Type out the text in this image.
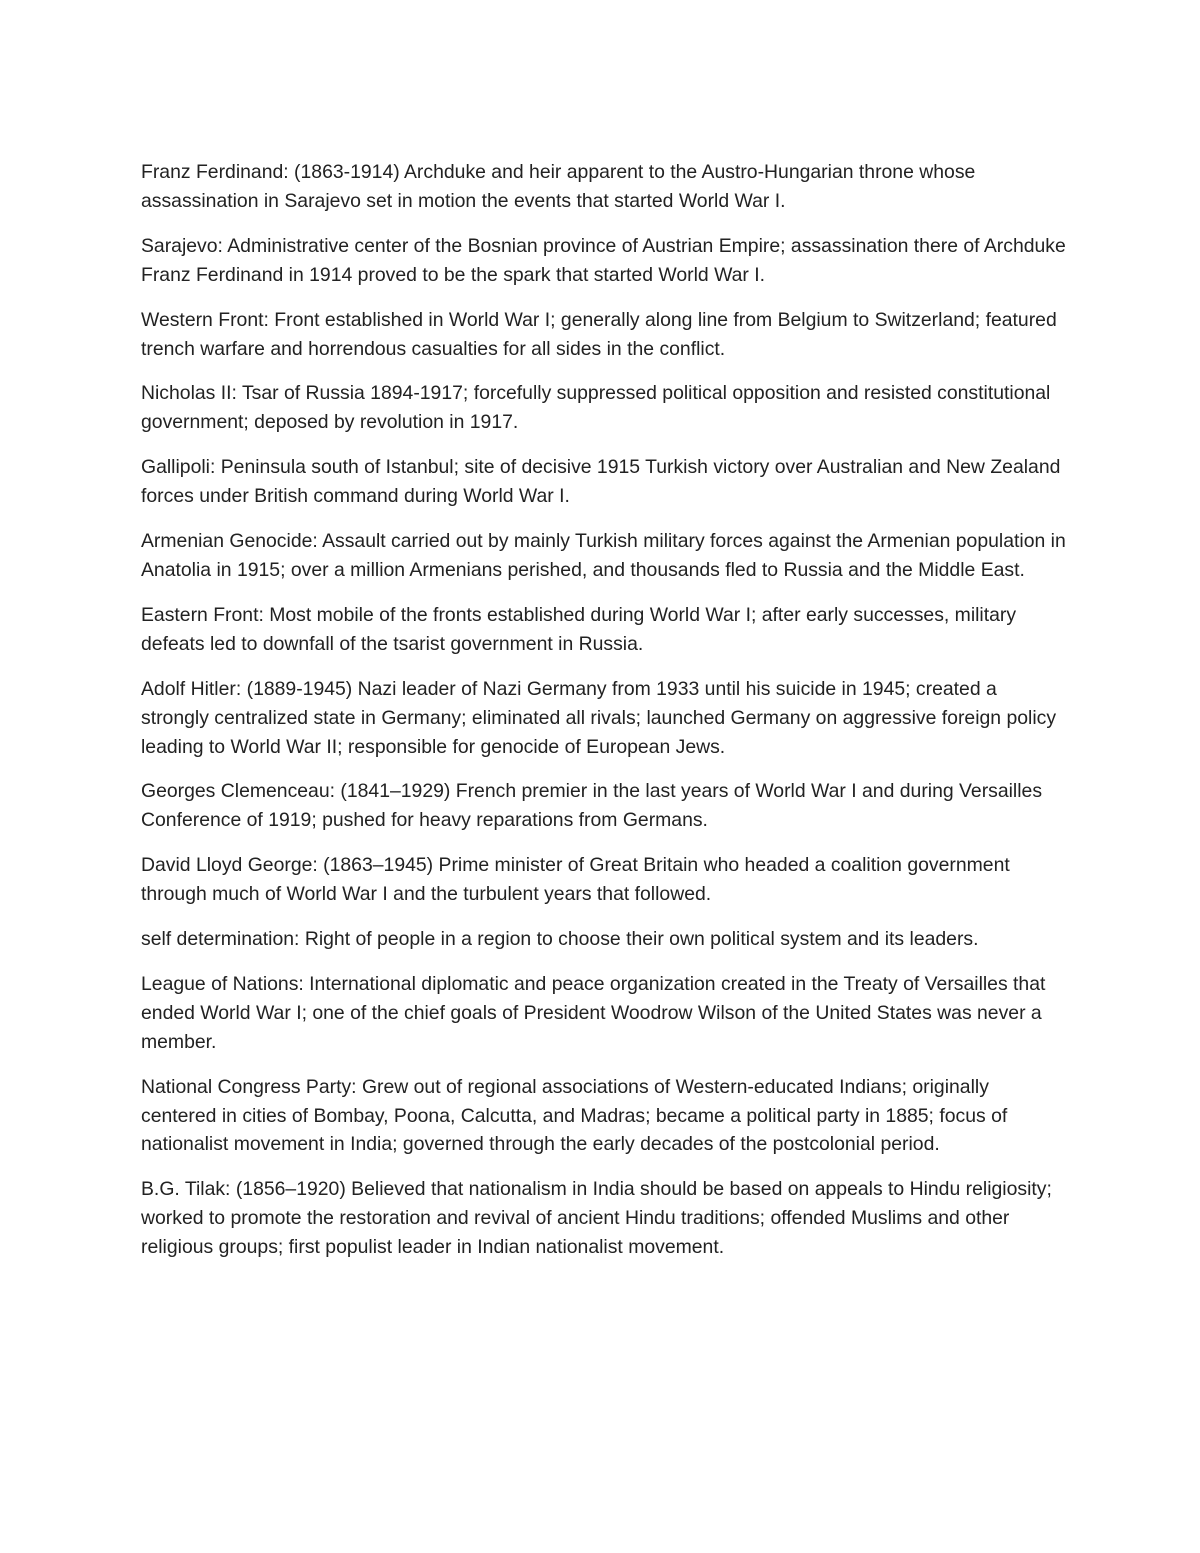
Franz Ferdinand: (1863-1914) Archduke and heir apparent to the Austro-Hungarian throne whose assassination in Sarajevo set in motion the events that started World War I.

Sarajevo: Administrative center of the Bosnian province of Austrian Empire; assassination there of Archduke Franz Ferdinand in 1914 proved to be the spark that started World War I.

Western Front: Front established in World War I; generally along line from Belgium to Switzerland; featured trench warfare and horrendous casualties for all sides in the conflict.

Nicholas II: Tsar of Russia 1894-1917; forcefully suppressed political opposition and resisted constitutional government; deposed by revolution in 1917.

Gallipoli: Peninsula south of Istanbul; site of decisive 1915 Turkish victory over Australian and New Zealand forces under British command during World War I.

Armenian Genocide: Assault carried out by mainly Turkish military forces against the Armenian population in Anatolia in 1915; over a million Armenians perished, and thousands fled to Russia and the Middle East.

Eastern Front: Most mobile of the fronts established during World War I; after early successes, military defeats led to downfall of the tsarist government in Russia.

Adolf Hitler: (1889-1945) Nazi leader of Nazi Germany from 1933 until his suicide in 1945; created a strongly centralized state in Germany; eliminated all rivals; launched Germany on aggressive foreign policy leading to World War II; responsible for genocide of European Jews.

Georges Clemenceau: (1841–1929) French premier in the last years of World War I and during Versailles Conference of 1919; pushed for heavy reparations from Germans.

David Lloyd George: (1863–1945) Prime minister of Great Britain who headed a coalition government through much of World War I and the turbulent years that followed.

self determination: Right of people in a region to choose their own political system and its leaders.

League of Nations: International diplomatic and peace organization created in the Treaty of Versailles that ended World War I; one of the chief goals of President Woodrow Wilson of the United States was never a member.

National Congress Party: Grew out of regional associations of Western-educated Indians; originally centered in cities of Bombay, Poona, Calcutta, and Madras; became a political party in 1885; focus of nationalist movement in India; governed through the early decades of the postcolonial period.

B.G. Tilak: (1856–1920) Believed that nationalism in India should be based on appeals to Hindu religiosity; worked to promote the restoration and revival of ancient Hindu traditions; offended Muslims and other religious groups; first populist leader in Indian nationalist movement.
